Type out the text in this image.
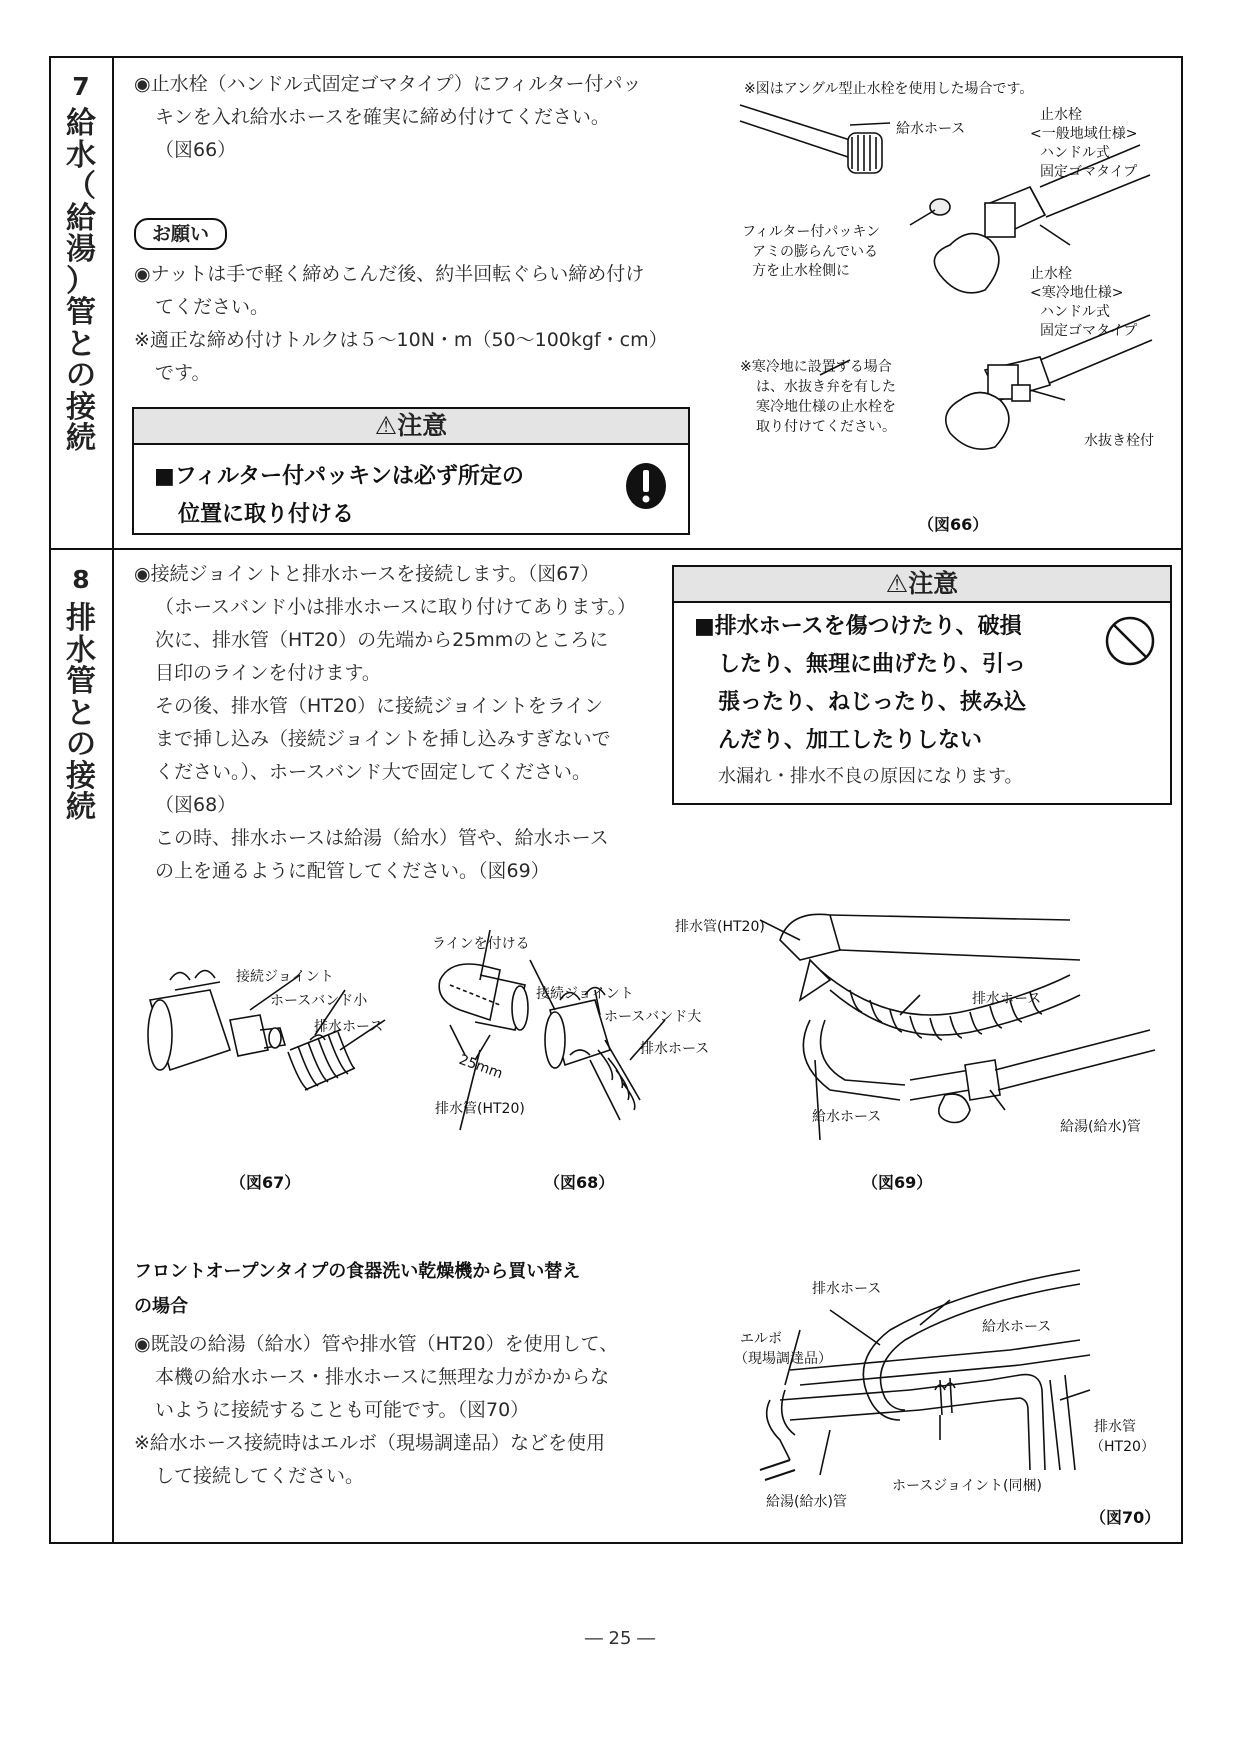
7
給
水
（
給
湯
）
管
と
の
接
続
8
排
水
管
と
の
接
続
◉止水栓（ハンドル式固定ゴマタイプ）にフィルター付パッ
キンを入れ給水ホースを確実に締め付けてください。
（図66）
お願い
◉ナットは手で軽く締めこんだ後、約半回転ぐらい締め付け
てください。
※適正な締め付けトルクは５～10N・m（50～100kgf・cm）
です。
⚠注意
■フィルター付パッキンは必ず所定の
位置に取り付ける
※図はアングル型止水栓を使用した場合です。
給水ホース
止水栓
<一般地域仕様>
ハンドル式
固定ゴマタイプ
フィルター付パッキン
アミの膨らんでいる
方を止水栓側に	止水栓
<寒冷地仕様>
ハンドル式
固定ゴマタイプ
※寒冷地に設置する場合
は、水抜き弁を有した
寒冷地仕様の止水栓を
取り付けてください。
水抜き栓付
（図66）
◉接続ジョイントと排水ホースを接続します。（図67）
（ホースバンド小は排水ホースに取り付けてあります。）
次に、排水管（HT20）の先端から25mmのところに
目印のラインを付けます。
その後、排水管（HT20）に接続ジョイントをライン
まで挿し込み（接続ジョイントを挿し込みすぎないで
ください。）、ホースバンド大で固定してください。
（図68）
この時、排水ホースは給湯（給水）管や、給水ホース
の上を通るように配管してください。（図69）
⚠注意
■排水ホースを傷つけたり、破損
したり、無理に曲げたり、引っ
張ったり、ねじったり、挟み込
んだり、加工したりしない
水漏れ・排水不良の原因になります。
接続ジョイント
ホースバンド小
排水ホース
（図67）
ラインを付ける
接続ジョイント
ホースバンド大
排水ホース
25mm
排水管(HT20)
（図68）
排水管(HT20)
排水ホース
給水ホース
給湯(給水)管
（図69）
フロントオープンタイプの食器洗い乾燥機から買い替え
の場合
◉既設の給湯（給水）管や排水管（HT20）を使用して、
本機の給水ホース・排水ホースに無理な力がかからな
いように接続することも可能です。（図70）
※給水ホース接続時はエルボ（現場調達品）などを使用
して接続してください。
排水ホース
給水ホース
エルボ
（現場調達品）
排水管
（HT20）
ホースジョイント(同梱)
給湯(給水)管
（図70）
― 25 ―
